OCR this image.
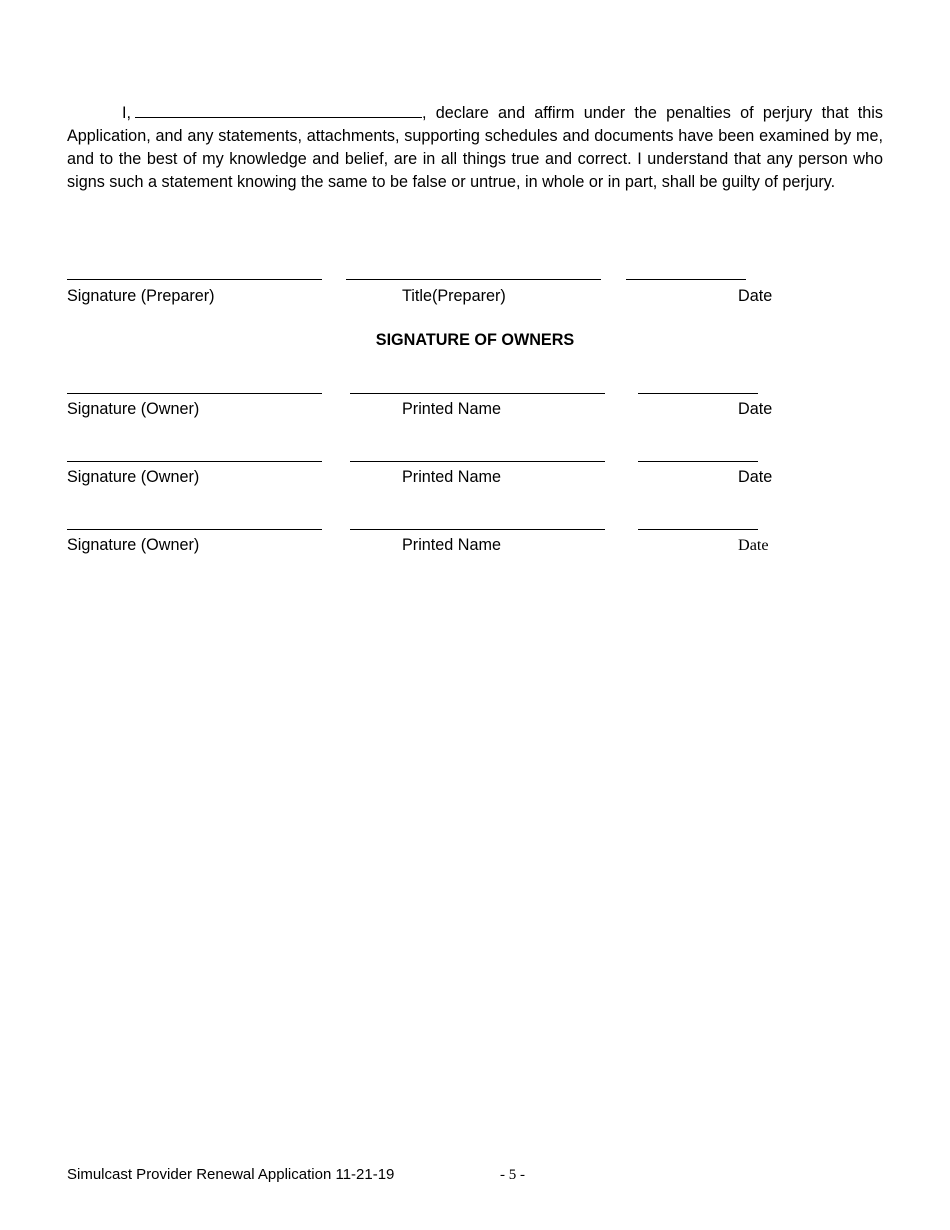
I,	, declare and affirm under the penalties of perjury that this Application, and any statements, attachments, supporting schedules and documents have been examined by me, and to the best of my knowledge and belief, are in all things true and correct. I understand that any person who signs such a statement knowing the same to be false or untrue, in whole or in part, shall be guilty of perjury.

Signature (Preparer)	Title(Preparer)	Date
SIGNATURE OF OWNERS
Signature (Owner)	Printed Name	Date
Signature (Owner)	Printed Name	Date
Signature (Owner)	Printed Name	Date
Simulcast Provider Renewal Application 11-21-19	- 5 -
